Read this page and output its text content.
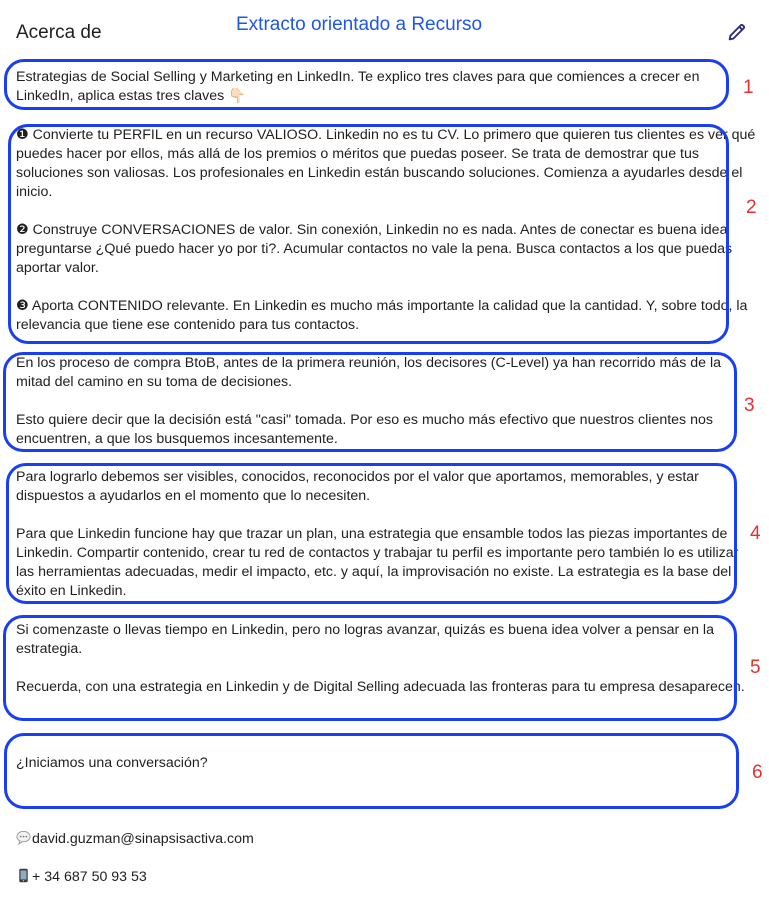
Acerca de	Extracto orientado a Recurso
Estrategias de Social Selling y Marketing en LinkedIn. Te explico tres claves para que comiences a crecer en LinkedIn, aplica estas tres claves 👇🏻	1
❶ Convierte tu PERFIL en un recurso VALIOSO. Linkedin no es tu CV. Lo primero que quieren tus clientes es ver qué puedes hacer por ellos, más allá de los premios o méritos que puedas poseer. Se trata de demostrar que tus soluciones son valiosas. Los profesionales en Linkedin están buscando soluciones. Comienza a ayudarles desde el inicio.

❷ Construye CONVERSACIONES de valor. Sin conexión, Linkedin no es nada. Antes de conectar es buena idea preguntarse ¿Qué puedo hacer yo por ti?. Acumular contactos no vale la pena. Busca contactos a los que puedas aportar valor.

❸ Aporta CONTENIDO relevante. En Linkedin es mucho más importante la calidad que la cantidad. Y, sobre todo, la relevancia que tiene ese contenido para tus contactos.
2
En los proceso de compra BtoB, antes de la primera reunión, los decisores (C-Level) ya han recorrido más de la mitad del camino en su toma de decisiones.

Esto quiere decir que la decisión está "casi" tomada. Por eso es mucho más efectivo que nuestros clientes nos encuentren, a que los busquemos incesantemente.
3
Para lograrlo debemos ser visibles, conocidos, reconocidos por el valor que aportamos, memorables, y estar dispuestos a ayudarlos en el momento que lo necesiten.

Para que Linkedin funcione hay que trazar un plan, una estrategia que ensamble todos las piezas importantes de Linkedin. Compartir contenido, crear tu red de contactos y trabajar tu perfil es importante pero también lo es utilizar las herramientas adecuadas, medir el impacto, etc. y aquí, la improvisación no existe. La estrategia es la base del éxito en Linkedin.
4
Si comenzaste o llevas tiempo en Linkedin, pero no logras avanzar, quizás es buena idea volver a pensar en la estrategia.

Recuerda, con una estrategia en Linkedin y de Digital Selling adecuada las fronteras para tu empresa desaparecen.
5

¿Iniciamos una conversación?

david.guzman@sinapsisactiva.com

+ 34 687 50 93 53

6
